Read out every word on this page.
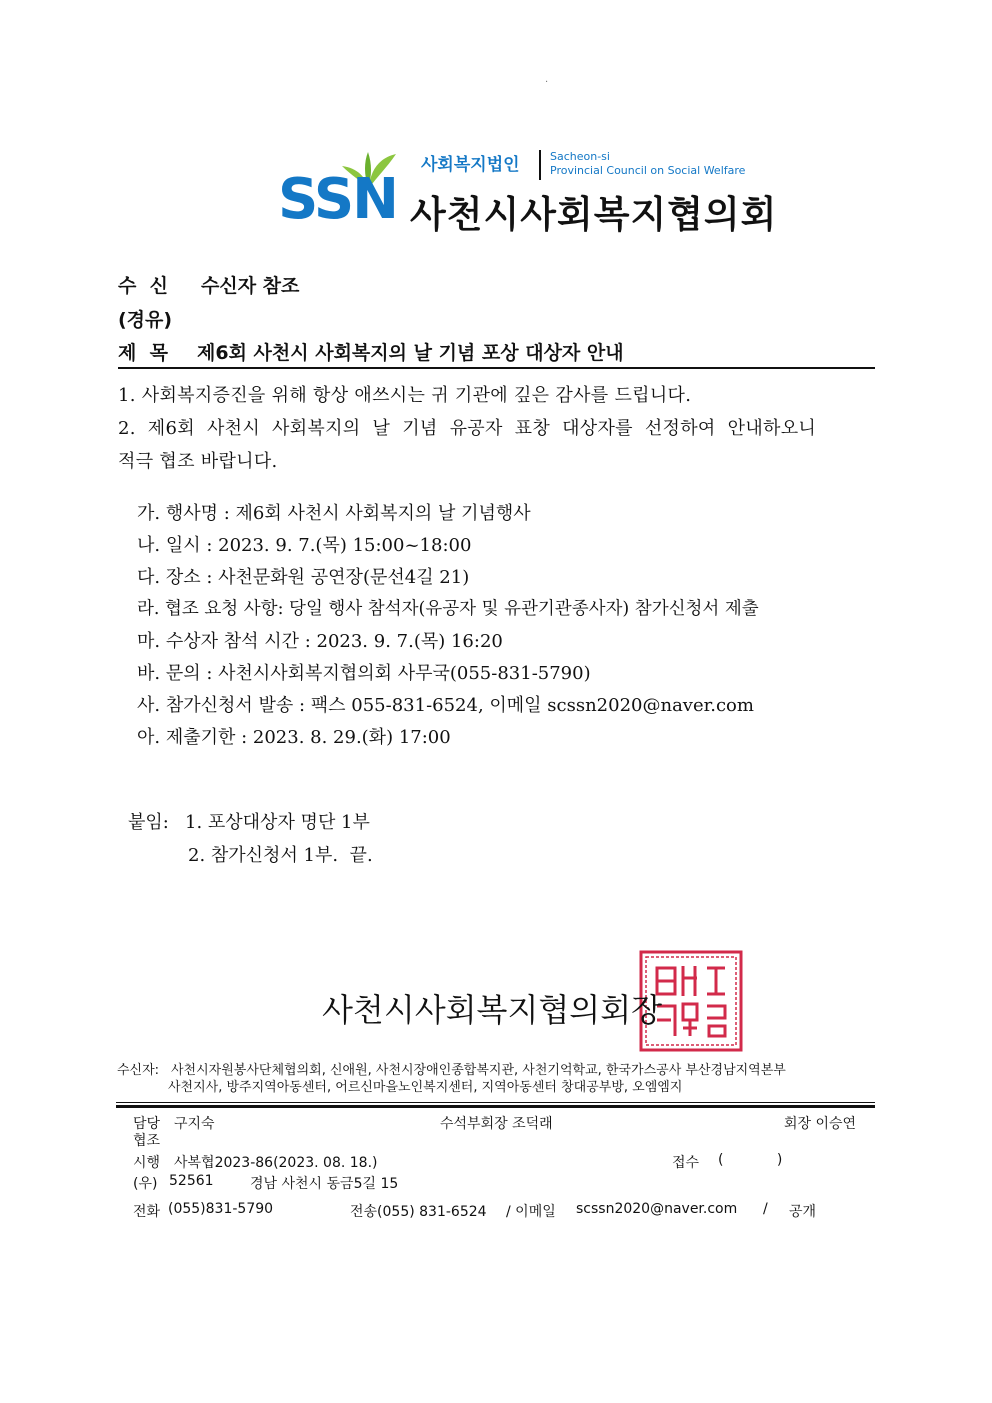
.
SSN
사회복지법인	Sacheon-si
Provincial Council on Social Welfare
사천시사회복지협의회
수  신 수신자 참조
(경유)
제  목 제6회 사천시 사회복지의 날 기념 포상 대상자 안내
1. 사회복지증진을 위해 항상 애쓰시는 귀 기관에 깊은 감사를 드립니다.
2. 제6회 사천시 사회복지의 날 기념 유공자 표창 대상자를 선정하여 안내하오니
적극 협조 바랍니다.
가. 행사명 : 제6회 사천시 사회복지의 날 기념행사
나. 일시 : 2023. 9. 7.(목) 15:00~18:00
다. 장소 : 사천문화원 공연장(문선4길 21)
라. 협조 요청 사항: 당일 행사 참석자(유공자 및 유관기관종사자) 참가신청서 제출
마. 수상자 참석 시간 : 2023. 9. 7.(목) 16:20
바. 문의 : 사천시사회복지협의회 사무국(055-831-5790)
사. 참가신청서 발송 : 팩스 055-831-6524, 이메일 scssn2020@naver.com
아. 제출기한 : 2023. 8. 29.(화) 17:00
붙임: 1. 포상대상자 명단 1부
2. 참가신청서 1부.  끝.
사천시사회복지협의회장
수신자: 사천시자원봉사단체협의회, 신애원, 사천시장애인종합복지관, 사천기억학교, 한국가스공사 부산경남지역본부
사천지사, 방주지역아동센터, 어르신마을노인복지센터, 지역아동센터 창대공부방, 오엠엠지
담당 구지숙	수석부회장 조덕래	회장 이승연
협조
시행 사복협2023-86(2023. 08. 18.)	접수 (            )
(우) 52561	경남 사천시 동금5길 15
전화 (055)831-5790	전송(055) 831-6524 / 이메일 scssn2020@naver.com / 공개
